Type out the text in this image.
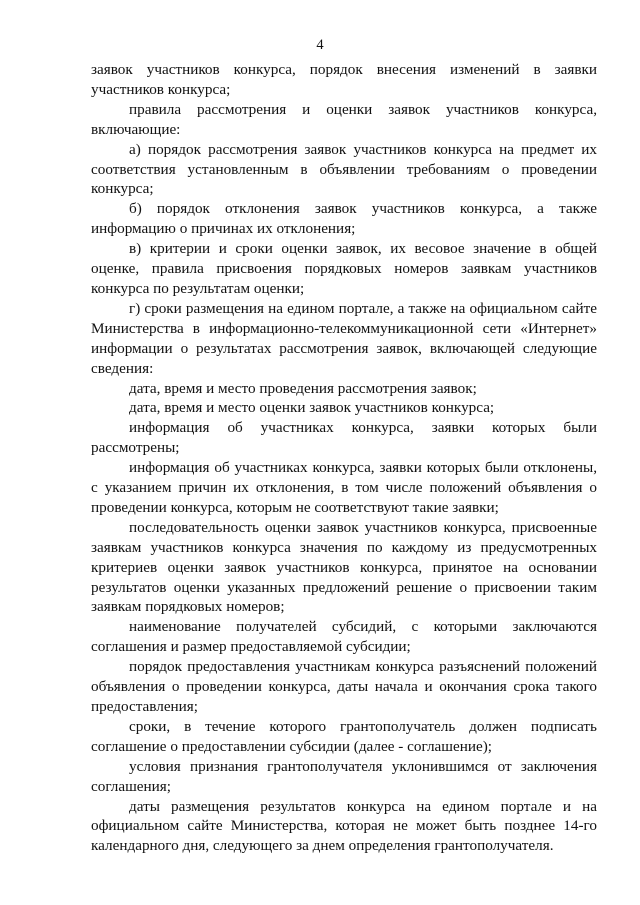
4

заявок участников конкурса, порядок внесения изменений в заявки участников конкурса;

правила рассмотрения и оценки заявок участников конкурса, включающие:

а) порядок рассмотрения заявок участников конкурса на предмет их соответствия установленным в объявлении требованиям о проведении конкурса;

б) порядок отклонения заявок участников конкурса, а также информацию о причинах их отклонения;

в) критерии и сроки оценки заявок, их весовое значение в общей оценке, правила присвоения порядковых номеров заявкам участников конкурса по результатам оценки;

г) сроки размещения на едином портале, а также на официальном сайте Министерства в информационно-телекоммуникационной сети «Интернет» информации о результатах рассмотрения заявок, включающей следующие сведения:

дата, время и место проведения рассмотрения заявок;

дата, время и место оценки заявок участников конкурса;

информация об участниках конкурса, заявки которых были рассмотрены;

информация об участниках конкурса, заявки которых были отклонены, с указанием причин их отклонения, в том числе положений объявления о проведении конкурса, которым не соответствуют такие заявки;

последовательность оценки заявок участников конкурса, присвоенные заявкам участников конкурса значения по каждому из предусмотренных критериев оценки заявок участников конкурса, принятое на основании результатов оценки указанных предложений решение о присвоении таким заявкам порядковых номеров;

наименование получателей субсидий, с которыми заключаются соглашения и размер предоставляемой субсидии;

порядок предоставления участникам конкурса разъяснений положений объявления о проведении конкурса, даты начала и окончания срока такого предоставления;

сроки, в течение которого грантополучатель должен подписать соглашение о предоставлении субсидии (далее - соглашение);

условия признания грантополучателя уклонившимся от заключения соглашения;

даты размещения результатов конкурса на едином портале и на официальном сайте Министерства, которая не может быть позднее 14-го календарного дня, следующего за днем определения грантополучателя.
